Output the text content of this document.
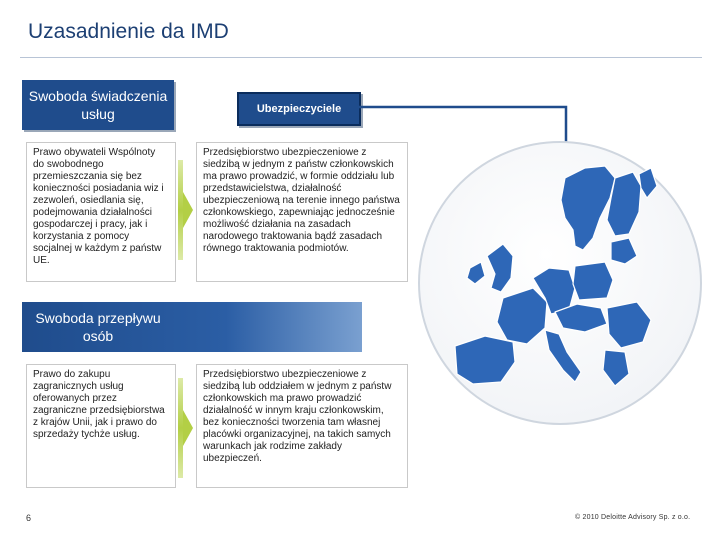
Uzasadnienie da IMD
Swoboda świadczenia usług	Ubezpieczyciele
Prawo obywateli Wspólnoty do swobodnego przemieszczania się bez konieczności posiadania wiz i zezwoleń, osiedlania się, podejmowania działalności gospodarczej i pracy, jak i korzystania z pomocy socjalnej w każdym z państw UE.
Przedsiębiorstwo ubezpieczeniowe z siedzibą w jednym z państw członkowskich ma prawo prowadzić, w formie oddziału lub przedstawicielstwa, działalność ubezpieczeniową na terenie innego państwa członkowskiego, zapewniając jednocześnie możliwość działania na zasadach narodowego traktowania bądź zasadach równego traktowania podmiotów.
Swoboda przepływu osób
Prawo do zakupu zagranicznych usług oferowanych przez zagraniczne przedsiębiorstwa z krajów Unii, jak i prawo do sprzedaży tychże usług.
Przedsiębiorstwo ubezpieczeniowe z siedzibą lub oddziałem w jednym z państw członkowskich ma prawo prowadzić działalność w innym kraju członkowskim, bez konieczności tworzenia tam własnej placówki organizacyjnej, na takich samych warunkach jak rodzime zakłady ubezpieczeń.
6	© 2010 Deloitte Advisory Sp. z o.o.
